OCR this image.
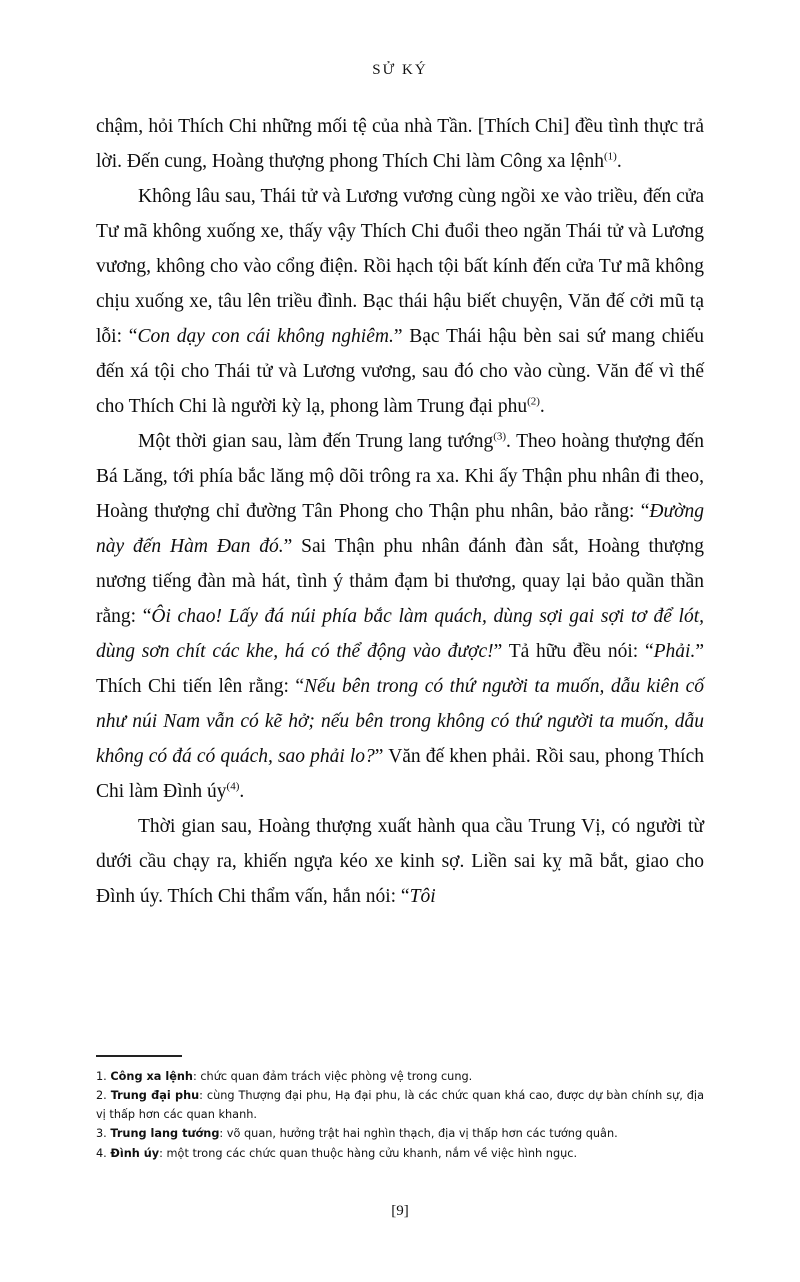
SỬ KÝ

chậm, hỏi Thích Chi những mối tệ của nhà Tần. [Thích Chi] đều tình thực trả lời. Đến cung, Hoàng thượng phong Thích Chi làm Công xa lệnh$^{(1)}$.

Không lâu sau, Thái tử và Lương vương cùng ngồi xe vào triều, đến cửa Tư mã không xuống xe, thấy vậy Thích Chi đuổi theo ngăn Thái tử và Lương vương, không cho vào cổng điện. Rồi hạch tội bất kính đến cửa Tư mã không chịu xuống xe, tâu lên triều đình. Bạc thái hậu biết chuyện, Văn đế cởi mũ tạ lỗi: “Con dạy con cái không nghiêm.” Bạc Thái hậu bèn sai sứ mang chiếu đến xá tội cho Thái tử và Lương vương, sau đó cho vào cùng. Văn đế vì thế cho Thích Chi là người kỳ lạ, phong làm Trung đại phu$^{(2)}$.

Một thời gian sau, làm đến Trung lang tướng$^{(3)}$. Theo hoàng thượng đến Bá Lăng, tới phía bắc lăng mộ dõi trông ra xa. Khi ấy Thận phu nhân đi theo, Hoàng thượng chỉ đường Tân Phong cho Thận phu nhân, bảo rằng: “Đường này đến Hàm Đan đó.” Sai Thận phu nhân đánh đàn sắt, Hoàng thượng nương tiếng đàn mà hát, tình ý thảm đạm bi thương, quay lại bảo quần thần rằng: “Ôi chao! Lấy đá núi phía bắc làm quách, dùng sợi gai sợi tơ để lót, dùng sơn chít các khe, há có thể động vào được!” Tả hữu đều nói: “Phải.” Thích Chi tiến lên rằng: “Nếu bên trong có thứ người ta muốn, dẫu kiên cố như núi Nam vẫn có kẽ hở; nếu bên trong không có thứ người ta muốn, dẫu không có đá có quách, sao phải lo?” Văn đế khen phải. Rồi sau, phong Thích Chi làm Đình $úy^{(4)}$.

Thời gian sau, Hoàng thượng xuất hành qua cầu Trung Vị, có người từ dưới cầu chạy ra, khiến ngựa kéo xe kinh sợ. Liền sai kỵ mã bắt, giao cho Đình úy. Thích Chi thẩm vấn, hắn nói: “Tôi

1. Công xa lệnh: chức quan đảm trách việc phòng vệ trong cung.

2. Trung đại phu: cùng Thượng đại phu, Hạ đại phu, là các chức quan khá cao, được dự bàn chính sự, địa vị thấp hơn các quan khanh.

3. Trung lang tướng: võ quan, hưởng trật hai nghìn thạch, địa vị thấp hơn các tướng quân.

4. Đình úy: một trong các chức quan thuộc hàng cửu khanh, nắm về việc hình ngục.

[9]
